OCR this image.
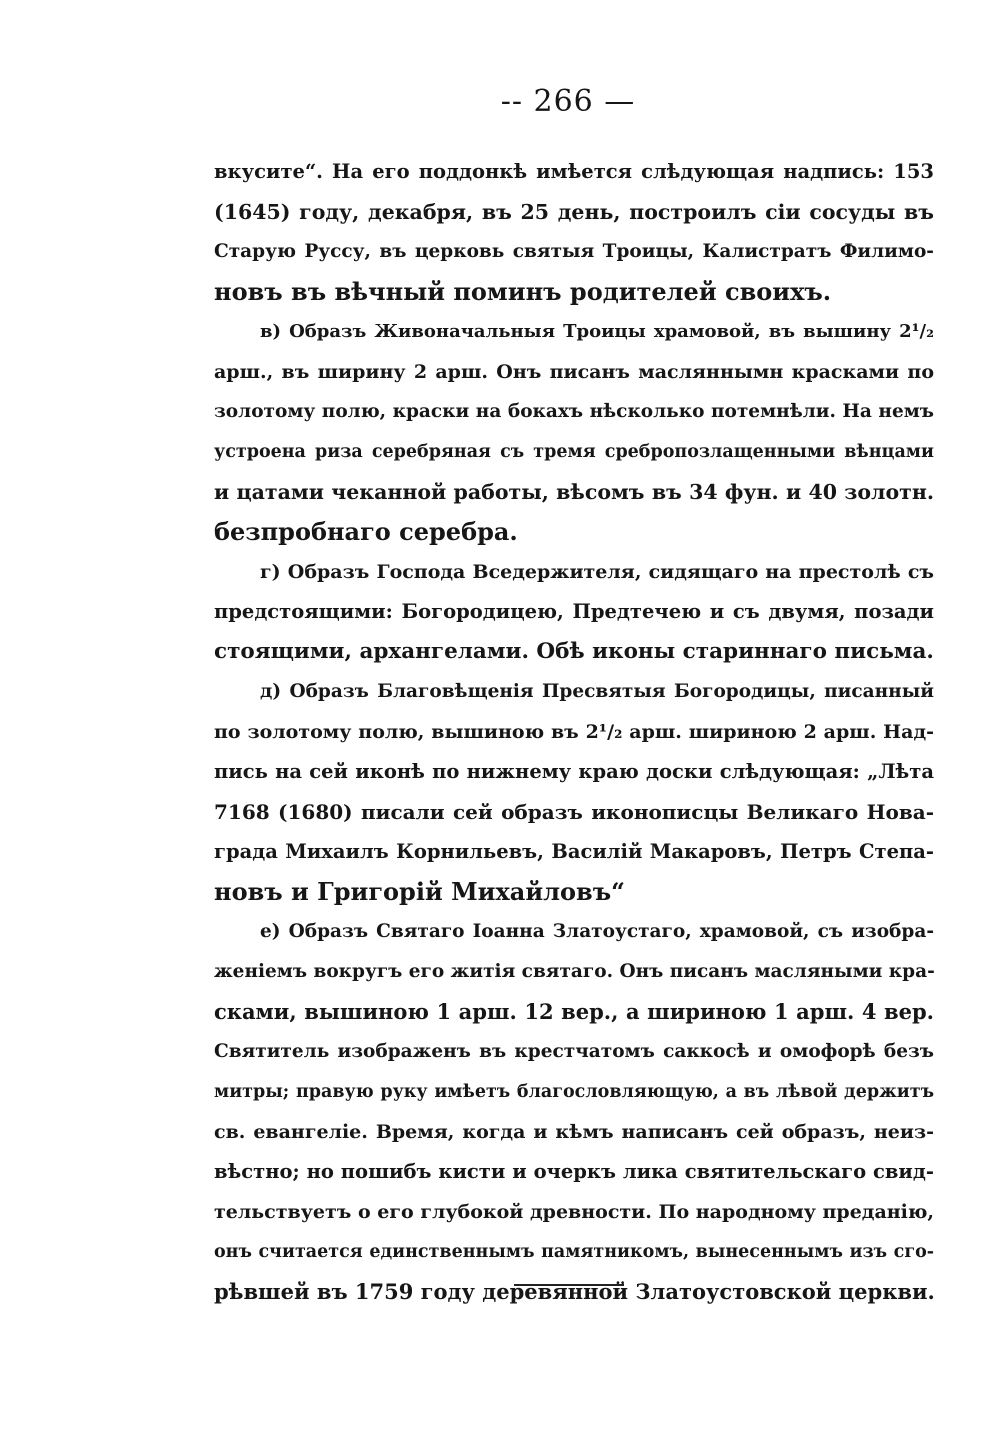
-- 266 —
вкусите“. На его поддонкѣ имѣется слѣдующая надпись: 153
(1645) году, декабря, въ 25 день, построилъ сіи сосуды въ
Старую Руссу, въ церковь святыя Троицы, Калистратъ Филимо-
новъ въ вѣчный поминъ родителей своихъ.
в) Образъ Живоначальныя Троицы храмовой, въ вышину 2¹/₂
арш., въ ширину 2 арш. Онъ писанъ масляннымн красками по
золотому полю, краски на бокахъ нѣсколько потемнѣли. На немъ
устроена риза серебряная съ тремя сребропозлащенными вѣнцами
и цатами чеканной работы, вѣсомъ въ 34 фун. и 40 золотн.
безпробнаго серебра.
г) Образъ Господа Вседержителя, сидящаго на престолѣ съ
предстоящими: Богородицею, Предтечею и съ двумя, позади
стоящими, архангелами. Обѣ иконы стариннаго письма.
д) Образъ Благовѣщенія Пресвятыя Богородицы, писанный
по золотому полю, вышиною въ 2¹/₂ арш. шириною 2 арш. Над-
пись на сей иконѣ по нижнему краю доски слѣдующая: „Лѣта
7168 (1680) писали сей образъ иконописцы Великаго Нова-
града Михаилъ Корнильевъ, Василій Макаровъ, Петръ Степа-
новъ и Григорій Михайловъ“
е) Образъ Святаго Іоанна Златоустаго, храмовой, съ изобра-
женіемъ вокругъ его житія святаго. Онъ писанъ масляными кра-
сками, вышиною 1 арш. 12 вер., а шириною 1 арш. 4 вер.
Святитель изображенъ въ крестчатомъ саккосѣ и омофорѣ безъ
митры; правую руку имѣетъ благословляющую, а въ лѣвой держитъ
св. евангеліе. Время, когда и кѣмъ написанъ сей образъ, неиз-
вѣстно; но пошибъ кисти и очеркъ лика святительскаго свид-
тельствуетъ о его глубокой древности. По народному преданію,
онъ считается единственнымъ памятникомъ, вынесеннымъ изъ сго-
рѣвшей въ 1759 году деревянной Златоустовской церкви.
